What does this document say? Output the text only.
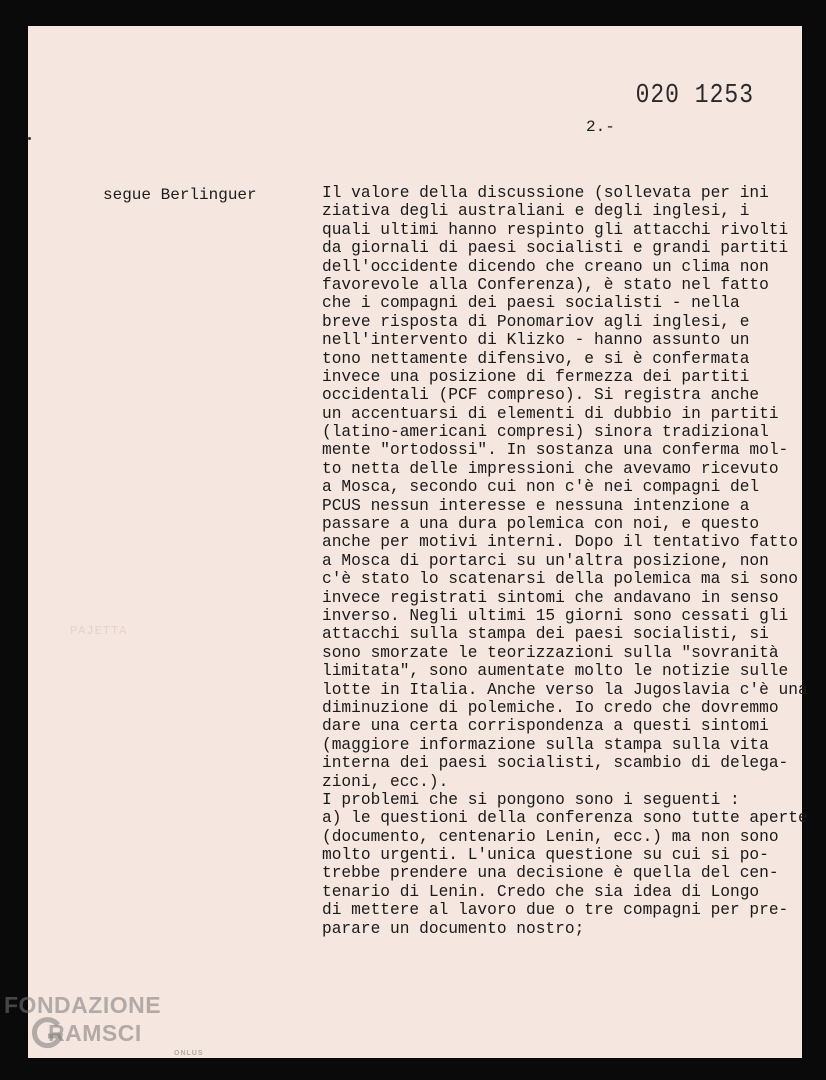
020 1253
2.-
segue Berlinguer
PAJETTA
Il valore della discussione (sollevata per ini
ziativa degli australiani e degli inglesi, i
quali ultimi hanno respinto gli attacchi rivolti
da giornali di paesi socialisti e grandi partiti
dell'occidente dicendo che creano un clima non
favorevole alla Conferenza), è stato nel fatto
che i compagni dei paesi socialisti - nella
breve risposta di Ponomariov agli inglesi, e
nell'intervento di Klizko - hanno assunto un
tono nettamente difensivo, e si è confermata
invece una posizione di fermezza dei partiti
occidentali (PCF compreso). Si registra anche
un accentuarsi di elementi di dubbio in partiti
(latino-americani compresi) sinora tradizional
mente "ortodossi". In sostanza una conferma mol-
to netta delle impressioni che avevamo ricevuto
a Mosca, secondo cui non c'è nei compagni del
PCUS nessun interesse e nessuna intenzione a
passare a una dura polemica con noi, e questo
anche per motivi interni. Dopo il tentativo fatto
a Mosca di portarci su un'altra posizione, non
c'è stato lo scatenarsi della polemica ma si sono
invece registrati sintomi che andavano in senso
inverso. Negli ultimi 15 giorni sono cessati gli
attacchi sulla stampa dei paesi socialisti, si
sono smorzate le teorizzazioni sulla "sovranità
limitata", sono aumentate molto le notizie sulle
lotte in Italia. Anche verso la Jugoslavia c'è una
diminuzione di polemiche. Io credo che dovremmo
dare una certa corrispondenza a questi sintomi
(maggiore informazione sulla stampa sulla vita
interna dei paesi socialisti, scambio di delega-
zioni, ecc.).
I problemi che si pongono sono i seguenti :
a) le questioni della conferenza sono tutte aperte
(documento, centenario Lenin, ecc.) ma non sono
molto urgenti. L'unica questione su cui si po-
trebbe prendere una decisione è quella del cen-
tenario di Lenin. Credo che sia idea di Longo
di mettere al lavoro due o tre compagni per pre-
parare un documento nostro;
FONDAZIONE
RAMSCI
ONLUS
